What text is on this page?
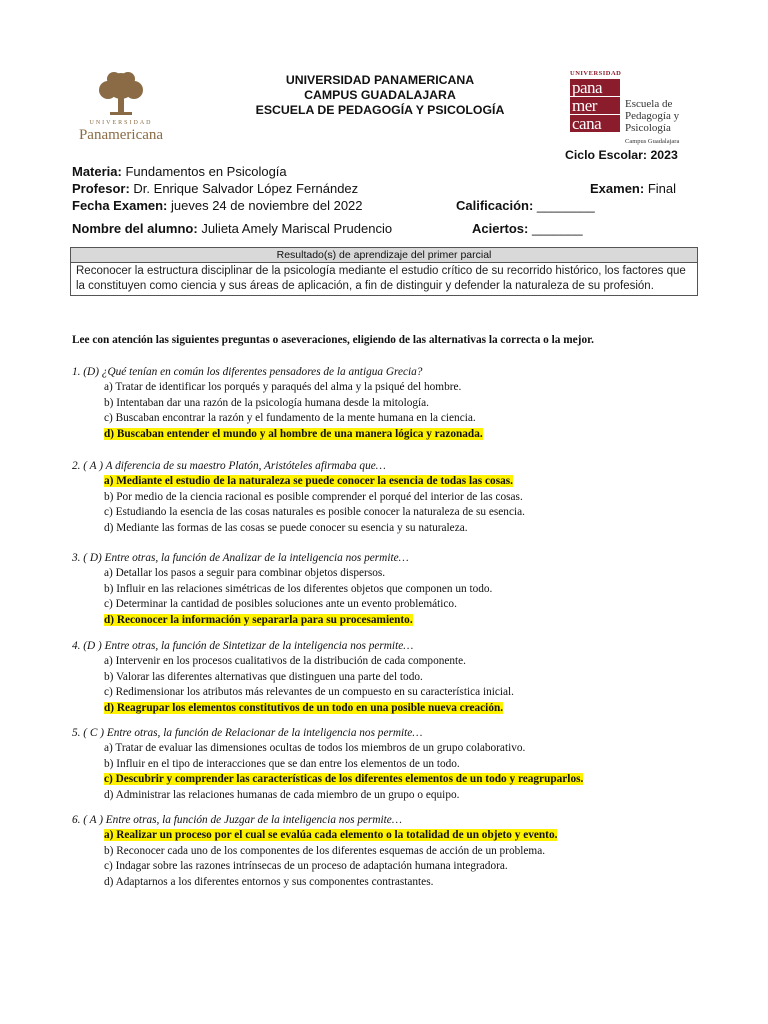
UNIVERSIDAD
Panamericana
UNIVERSIDAD PANAMERICANA
CAMPUS GUADALAJARA
ESCUELA DE PEDAGOGÍA Y PSICOLOGÍA
UNIVERSIDAD
pana
mer
cana
Escuela de Pedagogía y Psicología
Campus Guadalajara
Ciclo Escolar: 2023
Materia: Fundamentos en Psicología
Profesor: Dr. Enrique Salvador López Fernández	Examen: Final
Fecha Examen: jueves 24 de noviembre del 2022	Calificación: ________
Nombre del alumno: Julieta Amely Mariscal Prudencio	Aciertos: _______
Resultado(s) de aprendizaje del primer parcial
Reconocer la estructura disciplinar de la psicología mediante el estudio crítico de su recorrido histórico, los factores que la constituyen como ciencia y sus áreas de aplicación, a fin de distinguir y defender la naturaleza de su profesión.
Lee con atención las siguientes preguntas o aseveraciones, eligiendo de las alternativas la correcta o la mejor.
1. (D) ¿Qué tenían en común los diferentes pensadores de la antigua Grecia?
a) Tratar de identificar los porqués y paraqués del alma y la psiqué del hombre.
b) Intentaban dar una razón de la psicología humana desde la mitología.
c) Buscaban encontrar la razón y el fundamento de la mente humana en la ciencia.
d) Buscaban entender el mundo y al hombre de una manera lógica y razonada.
2. ( A ) A diferencia de su maestro Platón, Aristóteles afirmaba que…
a) Mediante el estudio de la naturaleza se puede conocer la esencia de todas las cosas.
b) Por medio de la ciencia racional es posible comprender el porqué del interior de las cosas.
c) Estudiando la esencia de las cosas naturales es posible conocer la naturaleza de su esencia.
d) Mediante las formas de las cosas se puede conocer su esencia y su naturaleza.
3. ( D) Entre otras, la función de Analizar de la inteligencia nos permite…
a) Detallar los pasos a seguir para combinar objetos dispersos.
b) Influir en las relaciones simétricas de los diferentes objetos que componen un todo.
c) Determinar la cantidad de posibles soluciones ante un evento problemático.
d) Reconocer la información y separarla para su procesamiento.
4. (D ) Entre otras, la función de Sintetizar de la inteligencia nos permite…
a) Intervenir en los procesos cualitativos de la distribución de cada componente.
b) Valorar las diferentes alternativas que distinguen una parte del todo.
c) Redimensionar los atributos más relevantes de un compuesto en su característica inicial.
d) Reagrupar los elementos constitutivos de un todo en una posible nueva creación.
5. ( C ) Entre otras, la función de Relacionar de la inteligencia nos permite…
a) Tratar de evaluar las dimensiones ocultas de todos los miembros de un grupo colaborativo.
b) Influir en el tipo de interacciones que se dan entre los elementos de un todo.
c) Descubrir y comprender las características de los diferentes elementos de un todo y reagruparlos.
d) Administrar las relaciones humanas de cada miembro de un grupo o equipo.
6. ( A ) Entre otras, la función de Juzgar de la inteligencia nos permite…
a) Realizar un proceso por el cual se evalúa cada elemento o la totalidad de un objeto y evento.
b) Reconocer cada uno de los componentes de los diferentes esquemas de acción de un problema.
c) Indagar sobre las razones intrínsecas de un proceso de adaptación humana integradora.
d) Adaptarnos a los diferentes entornos y sus componentes contrastantes.
